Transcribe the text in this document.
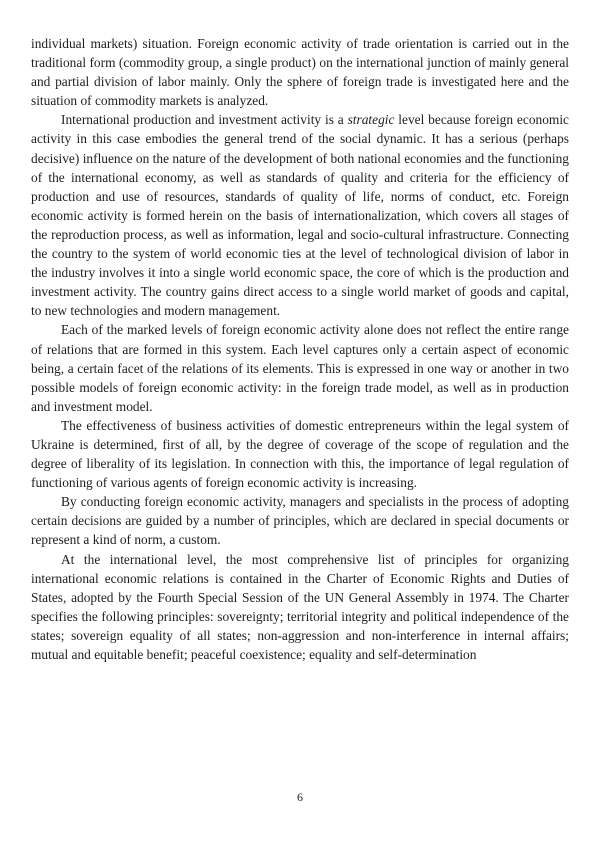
individual markets) situation. Foreign economic activity of trade orientation is carried out in the traditional form (commodity group, a single product) on the international junction of mainly general and partial division of labor mainly. Only the sphere of foreign trade is investigated here and the situation of commodity markets is analyzed.

International production and investment activity is a strategic level because foreign economic activity in this case embodies the general trend of the social dynamic. It has a serious (perhaps decisive) influence on the nature of the development of both national economies and the functioning of the international economy, as well as standards of quality and criteria for the efficiency of production and use of resources, standards of quality of life, norms of conduct, etc. Foreign economic activity is formed herein on the basis of internationalization, which covers all stages of the reproduction process, as well as information, legal and socio-cultural infrastructure. Connecting the country to the system of world economic ties at the level of technological division of labor in the industry involves it into a single world economic space, the core of which is the production and investment activity. The country gains direct access to a single world market of goods and capital, to new technologies and modern management.

Each of the marked levels of foreign economic activity alone does not reflect the entire range of relations that are formed in this system. Each level captures only a certain aspect of economic being, a certain facet of the relations of its elements. This is expressed in one way or another in two possible models of foreign economic activity: in the foreign trade model, as well as in production and investment model.

The effectiveness of business activities of domestic entrepreneurs within the legal system of Ukraine is determined, first of all, by the degree of coverage of the scope of regulation and the degree of liberality of its legislation. In connection with this, the importance of legal regulation of functioning of various agents of foreign economic activity is increasing.

By conducting foreign economic activity, managers and specialists in the process of adopting certain decisions are guided by a number of principles, which are declared in special documents or represent a kind of norm, a custom.

At the international level, the most comprehensive list of principles for organizing international economic relations is contained in the Charter of Economic Rights and Duties of States, adopted by the Fourth Special Session of the UN General Assembly in 1974. The Charter specifies the following principles: sovereignty; territorial integrity and political independence of the states; sovereign equality of all states; non-aggression and non-interference in internal affairs; mutual and equitable benefit; peaceful coexistence; equality and self-determination

6
